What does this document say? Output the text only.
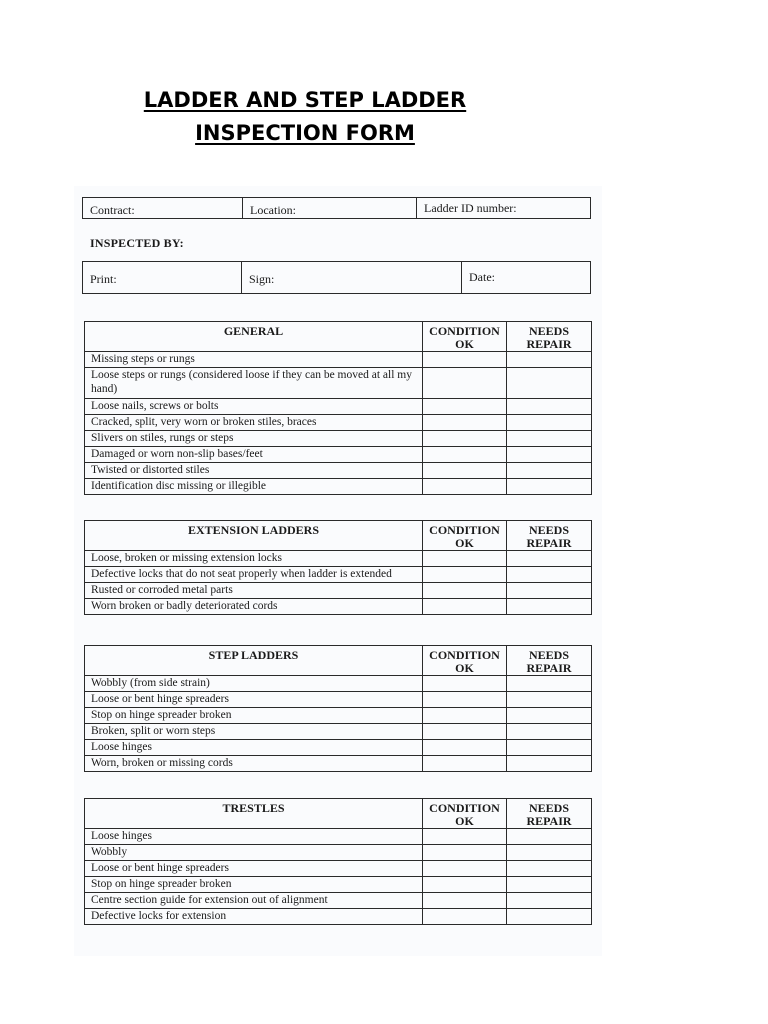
LADDER AND STEP LADDER
INSPECTION FORM
Contract:	Location:	Ladder ID number:
INSPECTED BY:
Print:	Sign:	Date:
GENERAL	CONDITION OK	NEEDS REPAIR
Missing steps or rungs		
Loose steps or rungs (considered loose if they can be moved at all my hand)		
Loose nails, screws or bolts		
Cracked, split, very worn or broken stiles, braces		
Slivers on stiles, rungs or steps		
Damaged or worn non-slip bases/feet		
Twisted or distorted stiles		
Identification disc missing or illegible		
EXTENSION LADDERS	CONDITION OK	NEEDS REPAIR
Loose, broken or missing extension locks		
Defective locks that do not seat properly when ladder is extended		
Rusted or corroded metal parts		
Worn broken or badly deteriorated cords		
STEP LADDERS	CONDITION OK	NEEDS REPAIR
Wobbly (from side strain)		
Loose or bent hinge spreaders		
Stop on hinge spreader broken		
Broken, split or worn steps		
Loose hinges		
Worn, broken or missing cords		
TRESTLES	CONDITION OK	NEEDS REPAIR
Loose hinges		
Wobbly		
Loose or bent hinge spreaders		
Stop on hinge spreader broken		
Centre section guide for extension out of alignment		
Defective locks for extension		
